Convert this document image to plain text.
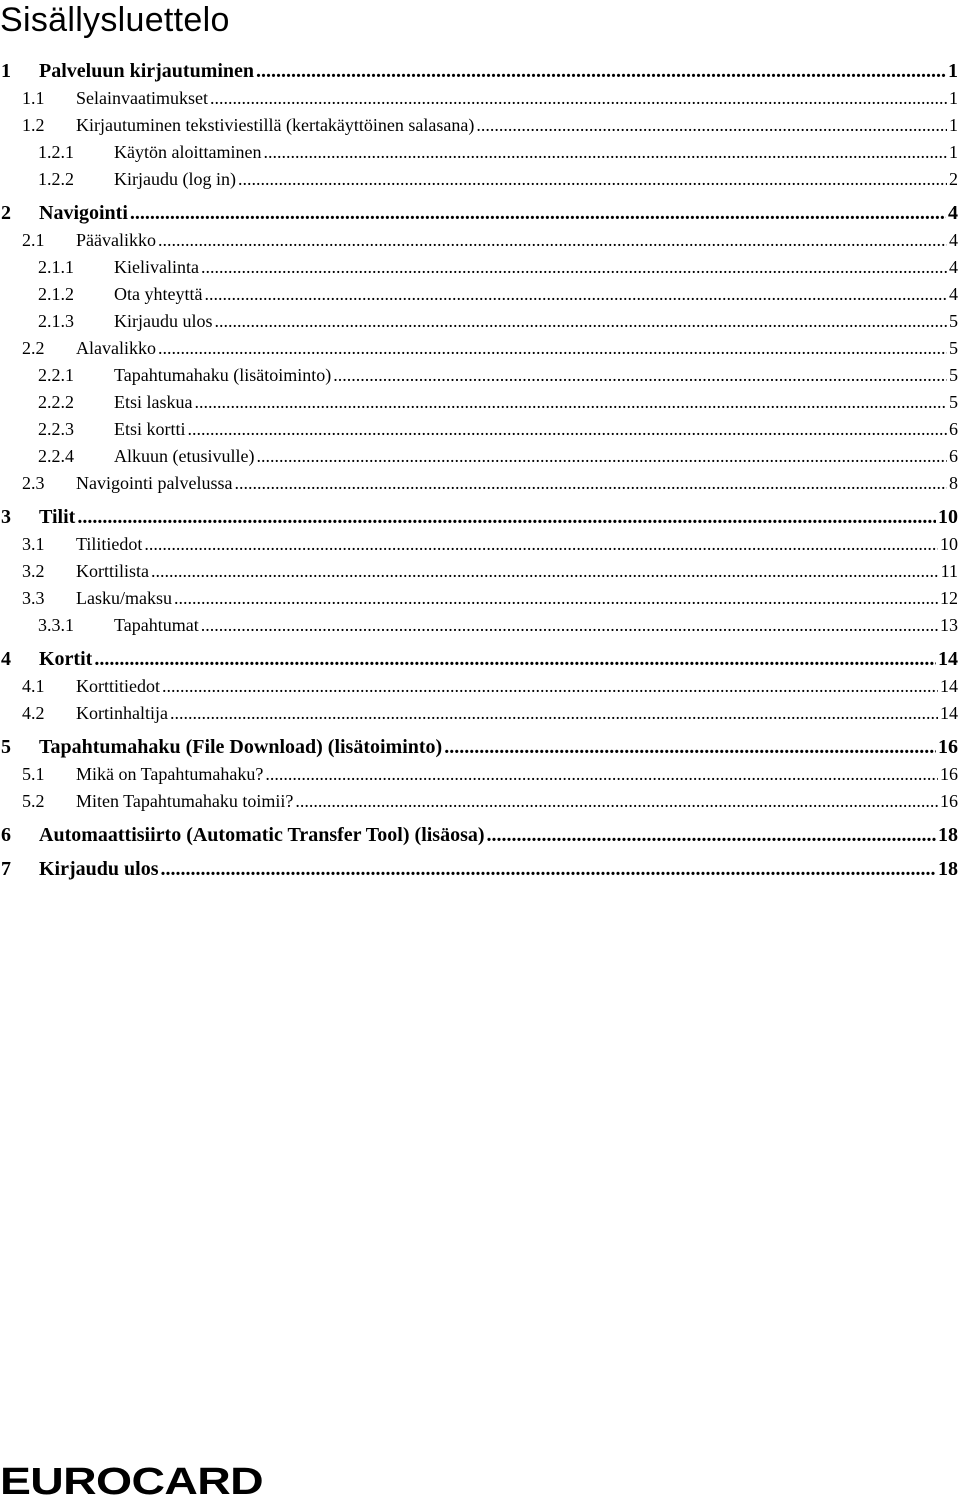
Sisällysluettelo
1	Palveluun kirjautuminen .....	1
1.1	Selainvaatimukset .....	1
1.2	Kirjautuminen tekstiviestillä (kertakäyttöinen salasana) .....	1
1.2.1	Käytön aloittaminen .....	1
1.2.2	Kirjaudu (log in) .....	2
2	Navigointi .....	4
2.1	Päävalikko .....	4
2.1.1	Kielivalinta .....	4
2.1.2	Ota yhteyttä .....	4
2.1.3	Kirjaudu ulos .....	5
2.2	Alavalikko .....	5
2.2.1	Tapahtumahaku (lisätoiminto) .....	5
2.2.2	Etsi laskua .....	5
2.2.3	Etsi kortti .....	6
2.2.4	Alkuun (etusivulle) .....	6
2.3	Navigointi palvelussa .....	8
3	Tilit .....	10
3.1	Tilitiedot .....	10
3.2	Korttilista .....	11
3.3	Lasku/maksu .....	12
3.3.1	Tapahtumat .....	13
4	Kortit .....	14
4.1	Korttitiedot .....	14
4.2	Kortinhaltija .....	14
5	Tapahtumahaku (File Download) (lisätoiminto) .....	16
5.1	Mikä on Tapahtumahaku? .....	16
5.2	Miten Tapahtumahaku toimii? .....	16
6	Automaattisiirto (Automatic Transfer Tool) (lisäosa) .....	18
7	Kirjaudu ulos .....	18
EUROCARD
